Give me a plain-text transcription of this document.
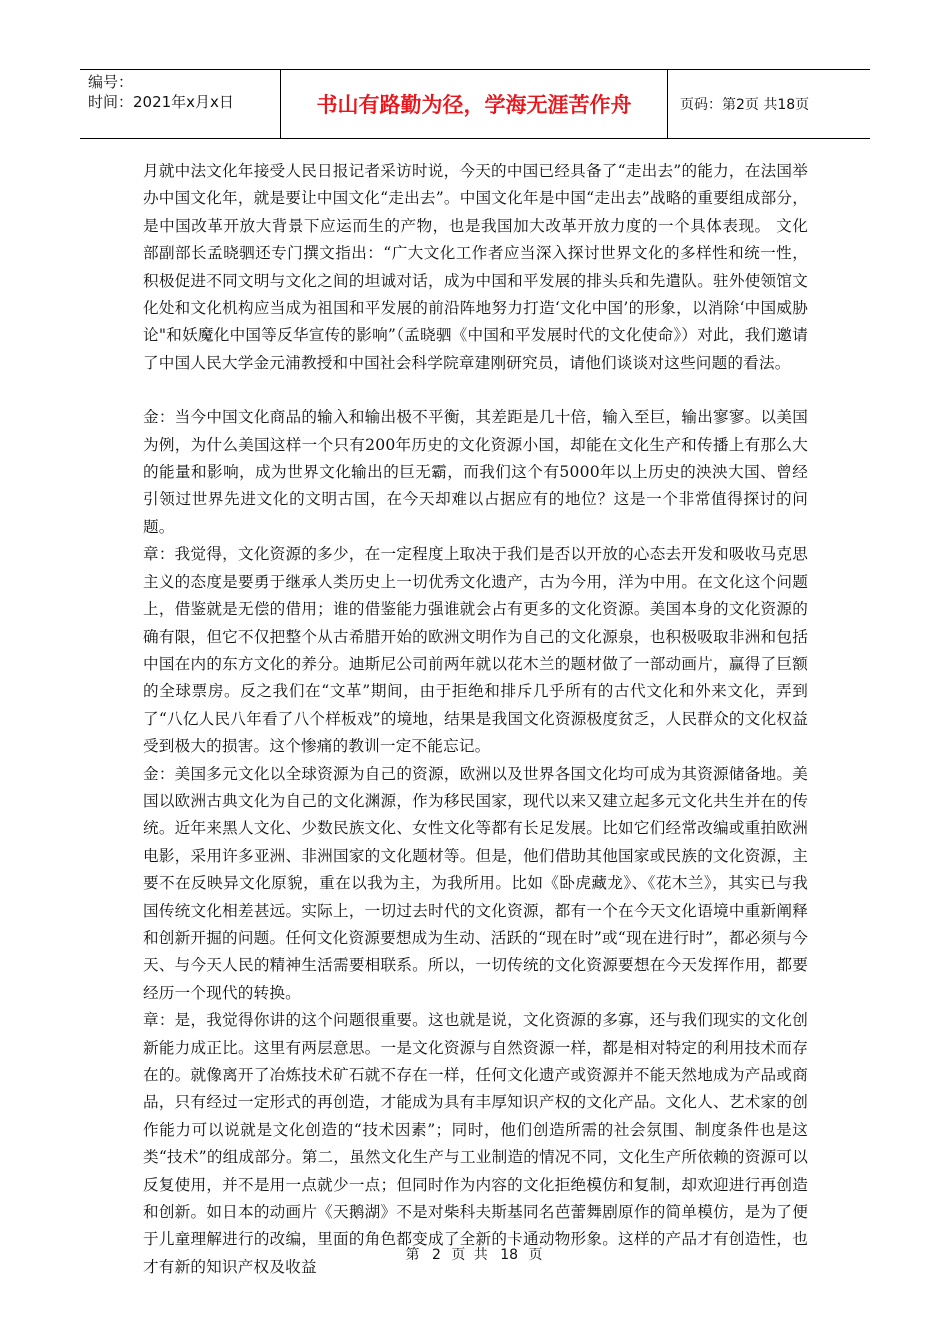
编号：
时间：2021年x月x日	书山有路勤为径，学海无涯苦作舟	页码：第2页 共18页

月就中法文化年接受人民日报记者采访时说，今天的中国已经具备了“走出去”的能力，在法国举办中国文化年，就是要让中国文化“走出去”。中国文化年是中国“走出去”战略的重要组成部分，是中国改革开放大背景下应运而生的产物，也是我国加大改革开放力度的一个具体表现。 文化部副部长孟晓驷还专门撰文指出：“广大文化工作者应当深入探讨世界文化的多样性和统一性，积极促进不同文明与文化之间的坦诚对话，成为中国和平发展的排头兵和先遣队。驻外使领馆文化处和文化机构应当成为祖国和平发展的前沿阵地努力打造‘文化中国’的形象，以消除‘中国威胁论"和妖魔化中国等反华宣传的影响”（孟晓驷《中国和平发展时代的文化使命》）对此，我们邀请了中国人民大学金元浦教授和中国社会科学院章建刚研究员，请他们谈谈对这些问题的看法。

金：当今中国文化商品的输入和输出极不平衡，其差距是几十倍，输入至巨，输出寥寥。以美国为例，为什么美国这样一个只有200年历史的文化资源小国，却能在文化生产和传播上有那么大的能量和影响，成为世界文化输出的巨无霸，而我们这个有5000年以上历史的泱泱大国、曾经引领过世界先进文化的文明古国，在今天却难以占据应有的地位？这是一个非常值得探讨的问题。

章：我觉得，文化资源的多少，在一定程度上取决于我们是否以开放的心态去开发和吸收马克思主义的态度是要勇于继承人类历史上一切优秀文化遗产，古为今用，洋为中用。在文化这个问题上，借鉴就是无偿的借用；谁的借鉴能力强谁就会占有更多的文化资源。美国本身的文化资源的确有限，但它不仅把整个从古希腊开始的欧洲文明作为自己的文化源泉，也积极吸取非洲和包括中国在内的东方文化的养分。迪斯尼公司前两年就以花木兰的题材做了一部动画片，赢得了巨额的全球票房。反之我们在“文革”期间，由于拒绝和排斥几乎所有的古代文化和外来文化，弄到了“八亿人民八年看了八个样板戏”的境地，结果是我国文化资源极度贫乏，人民群众的文化权益受到极大的损害。这个惨痛的教训一定不能忘记。

金：美国多元文化以全球资源为自己的资源，欧洲以及世界各国文化均可成为其资源储备地。美国以欧洲古典文化为自己的文化渊源，作为移民国家，现代以来又建立起多元文化共生并在的传统。近年来黑人文化、少数民族文化、女性文化等都有长足发展。比如它们经常改编或重拍欧洲电影，采用许多亚洲、非洲国家的文化题材等。但是，他们借助其他国家或民族的文化资源，主要不在反映异文化原貌，重在以我为主，为我所用。比如《卧虎藏龙》、《花木兰》，其实已与我国传统文化相差甚远。实际上，一切过去时代的文化资源，都有一个在今天文化语境中重新阐释和创新开掘的问题。任何文化资源要想成为生动、活跃的“现在时”或“现在进行时”，都必须与今天、与今天人民的精神生活需要相联系。所以，一切传统的文化资源要想在今天发挥作用，都要经历一个现代的转换。

章：是，我觉得你讲的这个问题很重要。这也就是说，文化资源的多寡，还与我们现实的文化创新能力成正比。这里有两层意思。一是文化资源与自然资源一样，都是相对特定的利用技术而存在的。就像离开了冶炼技术矿石就不存在一样，任何文化遗产或资源并不能天然地成为产品或商品，只有经过一定形式的再创造，才能成为具有丰厚知识产权的文化产品。文化人、艺术家的创作能力可以说就是文化创造的“技术因素”；同时，他们创造所需的社会氛围、制度条件也是这类“技术”的组成部分。第二，虽然文化生产与工业制造的情况不同，文化生产所依赖的资源可以反复使用，并不是用一点就少一点；但同时作为内容的文化拒绝模仿和复制，却欢迎进行再创造和创新。如日本的动画片《天鹅湖》不是对柴科夫斯基同名芭蕾舞剧原作的简单模仿，是为了便于儿童理解进行的改编，里面的角色都变成了全新的卡通动物形象。这样的产品才有创造性，也才有新的知识产权及收益

第 2 页 共 18 页
